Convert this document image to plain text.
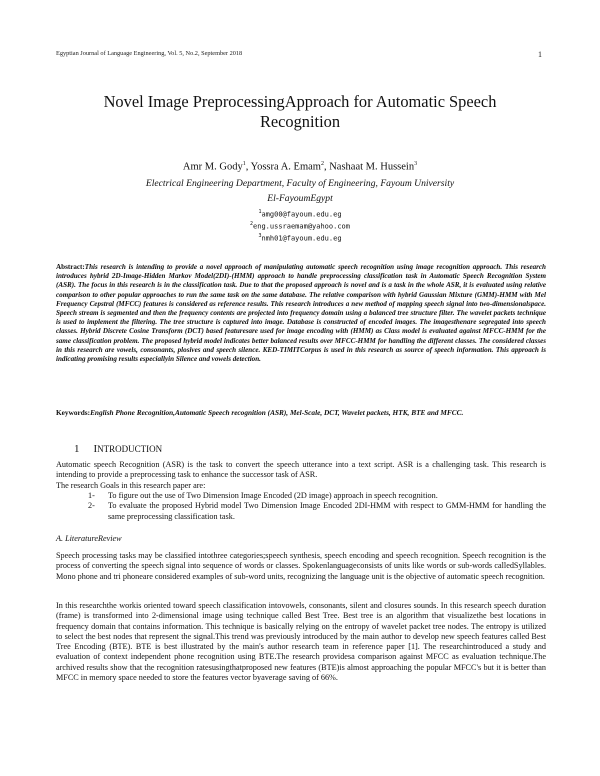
Egyptian Journal of Language Engineering, Vol. 5, No.2, September 2018	1
Novel Image PreprocessingApproach for Automatic Speech
Recognition
Amr M. Gody$^1$, Yossra A. Emam$^2$, Nashaat M. Hussein$^3$
Electrical Engineering Department, Faculty of Engineering, Fayoum University
El-FayoumEgypt
$^1$amg00@fayoum.edu.eg
$^2$eng.ussraemam@yahoo.com
$^3$nmh01@fayoum.edu.eg

Abstract:This research is intending to provide a novel approach of manipulating automatic speech recognition using image recognition approach. This research introduces hybrid 2D-Image-Hidden Markov Model(2DI)-(HMM) approach to handle preprocessing classification task in Automatic Speech Recognition System (ASR). The focus in this research is in the classification task. Due to that the proposed approach is novel and is a task in the whole ASR, it is evaluated using relative comparison to other popular approaches to run the same task on the same database. The relative comparison with hybrid Gaussian Mixture (GMM)-HMM with Mel Frequency Cepstral (MFCC) features is considered as reference results. This research introduces a new method of mapping speech signal into two-dimensionalspace. Speech stream is segmented and then the frequency contents are projected into frequency domain using a balanced tree structure filter. The wavelet packets technique is used to implement the filtering. The tree structure is captured into image. Database is constructed of encoded images. The imagesthenare segregated into speech classes. Hybrid Discrete Cosine Transform (DCT) based featuresare used for image encoding with (HMM) as Class model is evaluated against MFCC-HMM for the same classification problem. The proposed hybrid model indicates better balanced results over MFCC-HMM for handling the different classes. The considered classes in this research are vowels, consonants, plosives and speech silence. KED-TIMITCorpus is used in this research as source of speech information. This approach is indicating promising results especiallyin Silence and vowels detection.

Keywords:English Phone Recognition,Automatic Speech recognition (ASR), Mel-Scale, DCT, Wavelet packets, HTK, BTE and MFCC.

1 INTRODUCTION

Automatic speech Recognition (ASR) is the task to convert the speech utterance into a text script. ASR is a challenging task. This research is intending to provide a preprocessing task to enhance the successor task of ASR.

The research Goals in this research paper are:

1- To figure out the use of Two Dimension Image Encoded (2D image) approach in speech recognition.
2- To evaluate the proposed Hybrid model Two Dimension Image Encoded 2DI-HMM with respect to GMM-HMM for handling the same preprocessing classification task.
A. LiteratureReview

Speech processing tasks may be classified intothree categories;speech synthesis, speech encoding and speech recognition. Speech recognition is the process of converting the speech signal into sequence of words or classes. Spokenlanguageconsists of units like words or sub-words calledSyllables. Mono phone and tri phoneare considered examples of sub-word units, recognizing the language unit is the objective of automatic speech recognition.

In this researchthe workis oriented toward speech classification intovowels, consonants, silent and closures sounds. In this research speech duration (frame) is transformed into 2-dimensional image using technique called Best Tree. Best tree is an algorithm that visualizethe best locations in frequency domain that contains information. This technique is basically relying on the entropy of wavelet packet tree nodes. The entropy is utilized to select the best nodes that represent the signal.This trend was previously introduced by the main author to develop new speech features called Best Tree Encoding (BTE). BTE is best illustrated by the main's author research team in reference paper [1]. The researchintroduced a study and evaluation of context independent phone recognition using BTE.The research providesa comparison against MFCC as evaluation technique.The archived results show that the recognition ratesusingthatproposed new features (BTE)is almost approaching the popular MFCC's but it is better than MFCC in memory space needed to store the features vector byaverage saving of 66%.
